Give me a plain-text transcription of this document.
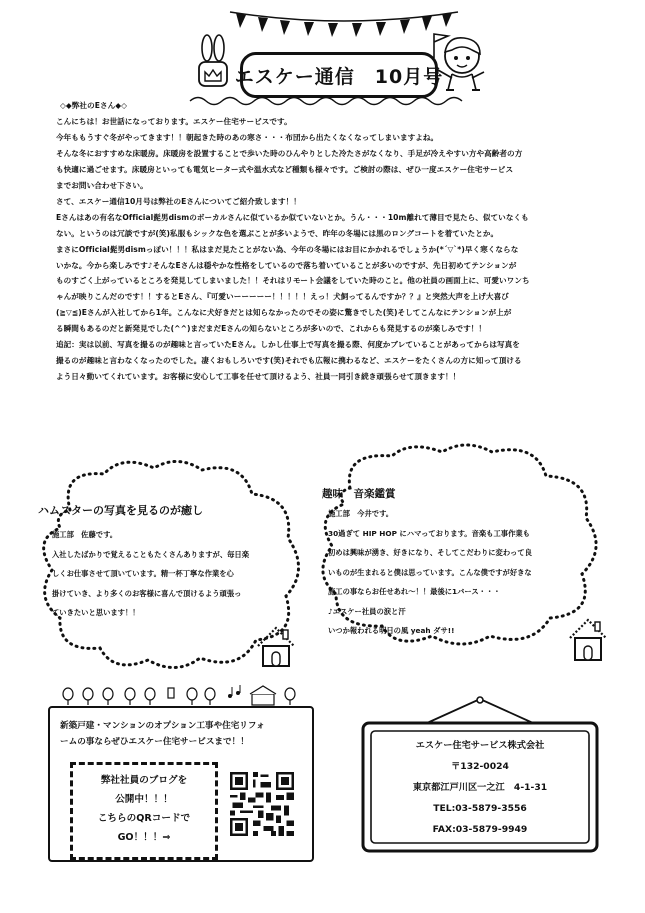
エスケー通信　10月号

◇◆弊社のEさん◆◇

こんにちは！お世話になっております。エスケー住宅サービスです。

今年ももうすぐ冬がやってきます！！朝起きた時のあの寒さ・・・布団から出たくなくなってしまいますよね。

そんな冬におすすめな床暖房。床暖房を設置することで歩いた時のひんやりとした冷たさがなくなり、手足が冷えやすい方や高齢者の方

も快適に過ごせます。床暖房といっても電気ヒーター式や温水式など種類も様々です。ご検討の際は、ぜひ一度エスケー住宅サービス

までお問い合わせ下さい。

さて、エスケー通信10月号は弊社のEさんについてご紹介致します！！

Eさんはあの有名なOfficial髭男dismのボーカルさんに似ているか似ていないとか。うん・・・10m離れて薄目で見たら、似ていなくも

ない。というのは冗談ですが(笑)私服もシックな色を選ぶことが多いようで、昨年の冬場には黒のロングコートを着ていたとか。

まさにOfficial髭男dismっぽい！！！私はまだ見たことがない為、今年の冬場にはお目にかかれるでしょうか(*´▽`*)早く寒くならな

いかな。今から楽しみです♪そんなEさんは穏やかな性格をしているので落ち着いていることが多いのですが、先日初めてテンションが

ものすごく上がっているところを発見してしまいました！！それはリモート会議をしていた時のこと。他の社員の画面上に、可愛いワンち

ゃんが映りこんだのです！！するとEさん、『可愛いーーーーー！！！！！えっ！犬飼ってるんですか？？』と突然大声を上げ大喜び

(≧▽≦)Eさんが入社してから1年。こんなに犬好きだとは知らなかったのでその姿に驚きでした(笑)そしてこんなにテンションが上が

る瞬間もあるのだと新発見でした(^^)まだまだEさんの知らないところが多いので、これからも発見するのが楽しみです！！

追記：実は以前、写真を撮るのが趣味と言っていたEさん。しかし仕事上で写真を撮る際、何度かブレていることがあってからは写真を

撮るのが趣味と言わなくなったのでした。凄くおもしろいです(笑)それでも広報に携わるなど、エスケーをたくさんの方に知って頂ける

よう日々動いてくれています。お客様に安心して工事を任せて頂けるよう、社員一同引き続き頑張らせて頂きます！！

ハムスターの写真を見るのが癒し

施工部　佐藤です。

入社したばかりで覚えることもたくさんありますが、毎日楽

しくお仕事させて頂いています。精一杯丁寧な作業を心

掛けていき、より多くのお客様に喜んで頂けるよう頑張っ

ていきたいと思います！！

趣味　音楽鑑賞

施工部　今井です。

30過ぎて HIP HOP にハマっております。音楽も工事作業も

初めは興味が湧き、好きになり、そしてこだわりに変わって良

いものが生まれると僕は思っています。こんな僕ですが好きな

施工の事ならお任せあれ～！！最後に1バース・・・

♪エスケー社員の涙と汗

いつか報われる明日の風 yeah ダサ!!

新築戸建・マンションのオプション工事や住宅リフォ

ームの事ならぜひエスケー住宅サービスまで！！

弊社社員のブログを

公開中！！！

こちらのQRコードで

GO！！！⇒

エスケー住宅サービス株式会社

〒132-0024

東京都江戸川区一之江　4-1-31

TEL:03-5879-3556

FAX:03-5879-9949
